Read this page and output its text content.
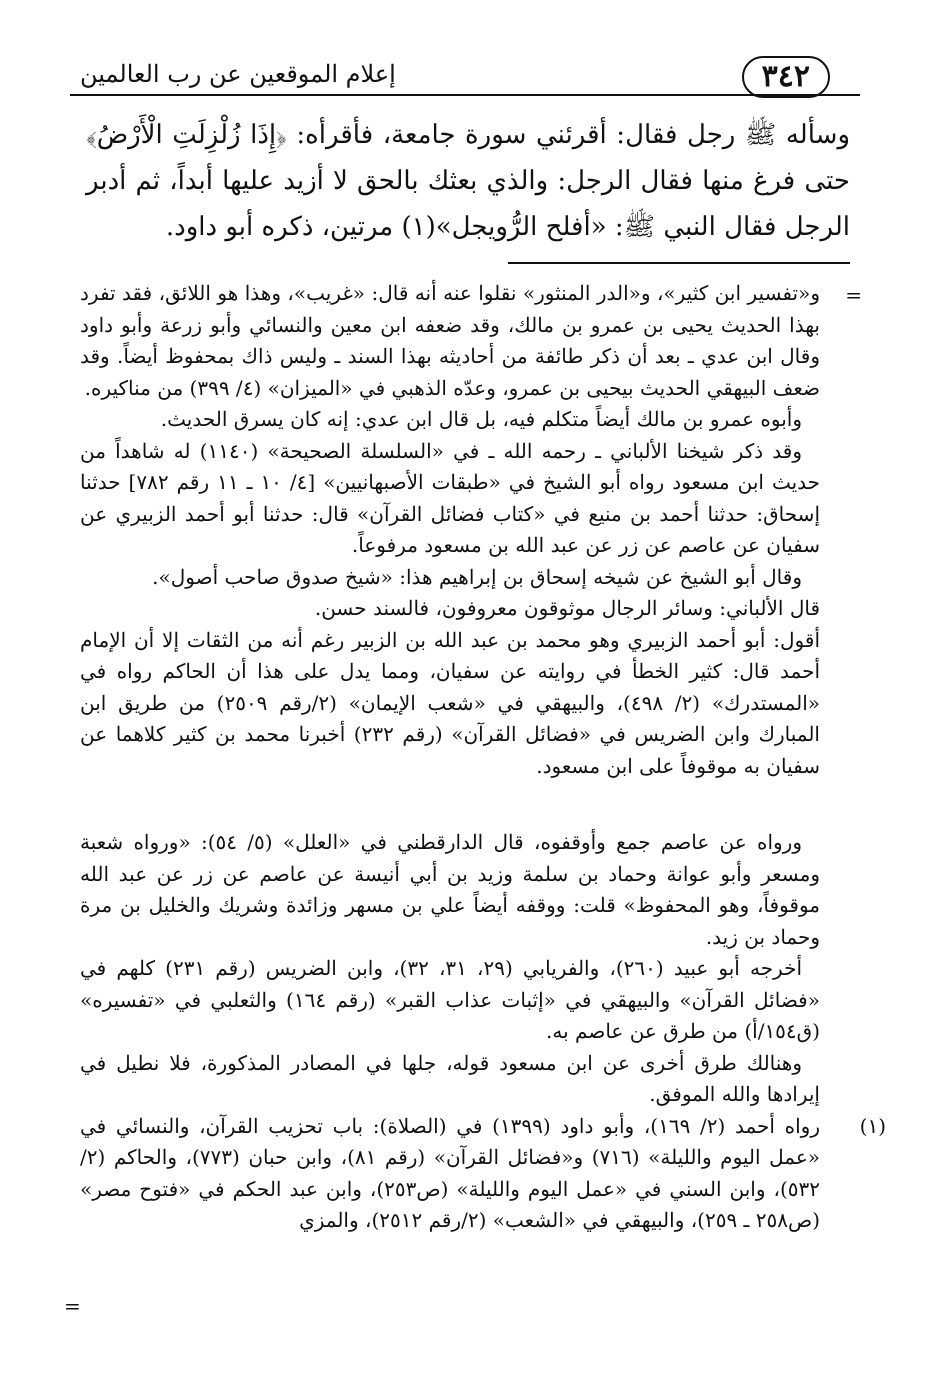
٣٤٢
إعلام الموقعين عن رب العالمين

وسأله ﷺ رجل فقال: أقرئني سورة جامعة، فأقرأه: ﴿إِذَا زُلْزِلَتِ الْأَرْضُ﴾ حتى فرغ منها فقال الرجل: والذي بعثك بالحق لا أزيد عليها أبداً، ثم أدبر الرجل فقال النبي ﷺ: «أفلح الرُّويجل»(١) مرتين، ذكره أبو داود.

=

و«تفسير ابن كثير»، و«الدر المنثور» نقلوا عنه أنه قال: «غريب»، وهذا هو اللائق، فقد تفرد بهذا الحديث يحيى بن عمرو بن مالك، وقد ضعفه ابن معين والنسائي وأبو زرعة وأبو داود وقال ابن عدي ـ بعد أن ذكر طائفة من أحاديثه بهذا السند ـ وليس ذاك بمحفوظ أيضاً. وقد ضعف البيهقي الحديث بيحيى بن عمرو، وعدّه الذهبي في «الميزان» (٤/ ٣٩٩) من مناكيره.

وأبوه عمرو بن مالك أيضاً متكلم فيه، بل قال ابن عدي: إنه كان يسرق الحديث.

وقد ذكر شيخنا الألباني ـ رحمه الله ـ في «السلسلة الصحيحة» (١١٤٠) له شاهداً من حديث ابن مسعود رواه أبو الشيخ في «طبقات الأصبهانيين» [٤/ ١٠ ـ ١١ رقم ٧٨٢] حدثنا إسحاق: حدثنا أحمد بن منيع في «كتاب فضائل القرآن» قال: حدثنا أبو أحمد الزبيري عن سفيان عن عاصم عن زر عن عبد الله بن مسعود مرفوعاً.

وقال أبو الشيخ عن شيخه إسحاق بن إبراهيم هذا: «شيخ صدوق صاحب أصول».

قال الألباني: وسائر الرجال موثوقون معروفون، فالسند حسن.

أقول: أبو أحمد الزبيري وهو محمد بن عبد الله بن الزبير رغم أنه من الثقات إلا أن الإمام أحمد قال: كثير الخطأ في روايته عن سفيان، ومما يدل على هذا أن الحاكم رواه في «المستدرك» (٢/ ٤٩٨)، والبيهقي في «شعب الإيمان» (٢/رقم ٢٥٠٩) من طريق ابن المبارك وابن الضريس في «فضائل القرآن» (رقم ٢٣٢) أخبرنا محمد بن كثير كلاهما عن سفيان به موقوفاً على ابن مسعود.

ورواه عن عاصم جمع وأوقفوه، قال الدارقطني في «العلل» (٥/ ٥٤): «ورواه شعبة ومسعر وأبو عوانة وحماد بن سلمة وزيد بن أبي أنيسة عن عاصم عن زر عن عبد الله موقوفاً، وهو المحفوظ» قلت: ووقفه أيضاً علي بن مسهر وزائدة وشريك والخليل بن مرة وحماد بن زيد.

أخرجه أبو عبيد (٢٦٠)، والفريابي (٢٩، ٣١، ٣٢)، وابن الضريس (رقم ٢٣١) كلهم في «فضائل القرآن» والبيهقي في «إثبات عذاب القبر» (رقم ١٦٤) والثعلبي في «تفسيره» (ق١٥٤/أ) من طرق عن عاصم به.

وهنالك طرق أخرى عن ابن مسعود قوله، جلها في المصادر المذكورة، فلا نطيل في إيرادها والله الموفق.

(١)

رواه أحمد (٢/ ١٦٩)، وأبو داود (١٣٩٩) في (الصلاة): باب تحزيب القرآن، والنسائي في «عمل اليوم والليلة» (٧١٦) و«فضائل القرآن» (رقم ٨١)، وابن حبان (٧٧٣)، والحاكم (٢/ ٥٣٢)، وابن السني في «عمل اليوم والليلة» (ص٢٥٣)، وابن عبد الحكم في «فتوح مصر» (ص٢٥٨ ـ ٢٥٩)، والبيهقي في «الشعب» (٢/رقم ٢٥١٢)، والمزي

=
